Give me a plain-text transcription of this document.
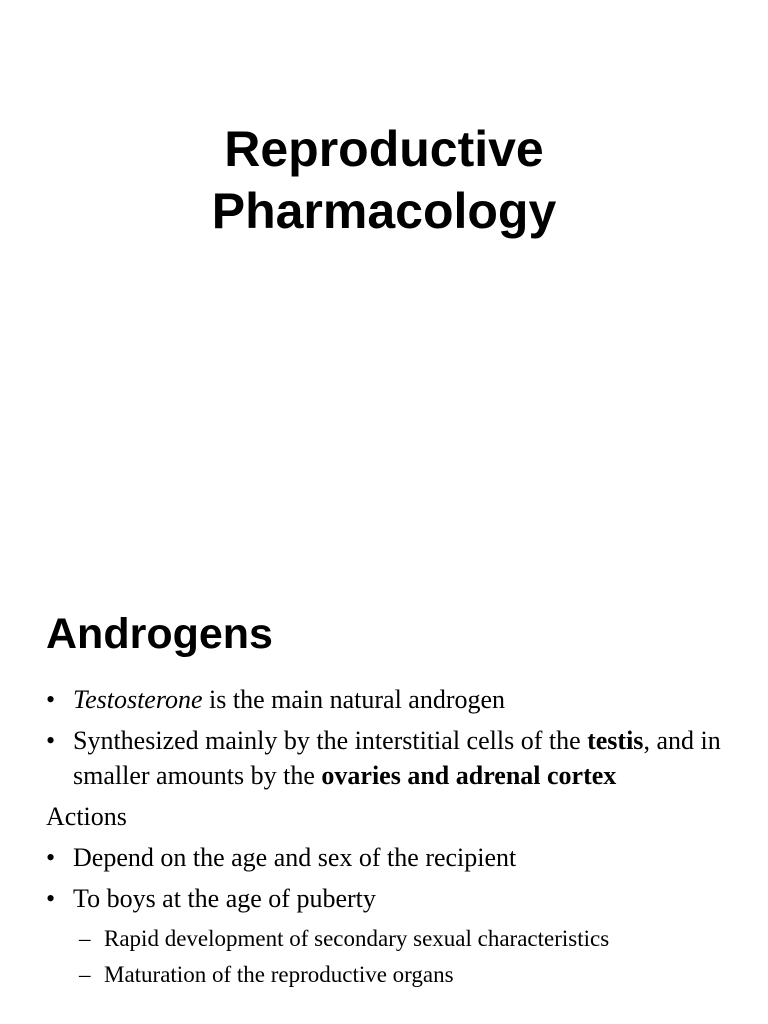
Reproductive
Pharmacology
Androgens
• Testosterone is the main natural androgen
• Synthesized mainly by the interstitial cells of the testis, and in smaller amounts by the ovaries and adrenal cortex
Actions
• Depend on the age and sex of the recipient
• To boys at the age of puberty
– Rapid development of secondary sexual characteristics
– Maturation of the reproductive organs
